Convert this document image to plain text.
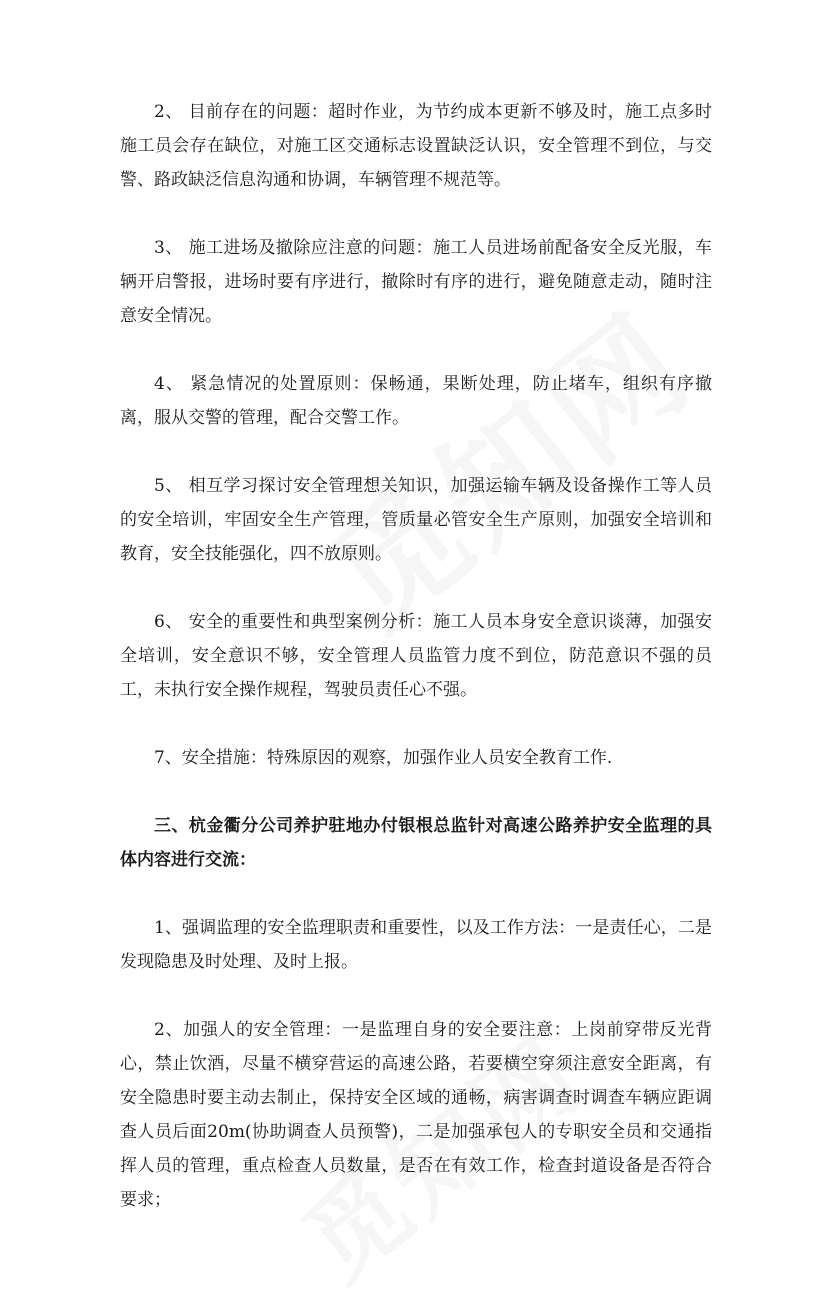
2、 目前存在的问题：超时作业，为节约成本更新不够及时，施工点多时施工员会存在缺位，对施工区交通标志设置缺泛认识，安全管理不到位，与交警、路政缺泛信息沟通和协调，车辆管理不规范等。

3、 施工进场及撤除应注意的问题：施工人员进场前配备安全反光服，车辆开启警报，进场时要有序进行，撤除时有序的进行，避免随意走动，随时注意安全情况。

4、 紧急情况的处置原则：保畅通，果断处理，防止堵车，组织有序撤离，服从交警的管理，配合交警工作。

5、 相互学习探讨安全管理想关知识，加强运输车辆及设备操作工等人员的安全培训，牢固安全生产管理，管质量必管安全生产原则，加强安全培训和教育，安全技能强化，四不放原则。

6、 安全的重要性和典型案例分析：施工人员本身安全意识谈薄，加强安全培训，安全意识不够，安全管理人员监管力度不到位，防范意识不强的员工，未执行安全操作规程，驾驶员责任心不强。

7、安全措施：特殊原因的观察，加强作业人员安全教育工作.

三、杭金衢分公司养护驻地办付银根总监针对高速公路养护安全监理的具体内容进行交流：

1、强调监理的安全监理职责和重要性，以及工作方法：一是责任心，二是发现隐患及时处理、及时上报。

2、加强人的安全管理：一是监理自身的安全要注意：上岗前穿带反光背心，禁止饮酒，尽量不横穿营运的高速公路，若要横空穿须注意安全距离，有安全隐患时要主动去制止，保持安全区域的通畅，病害调查时调查车辆应距调查人员后面20m(协助调查人员预警)，二是加强承包人的专职安全员和交通指挥人员的管理，重点检查人员数量，是否在有效工作，检查封道设备是否符合要求；
